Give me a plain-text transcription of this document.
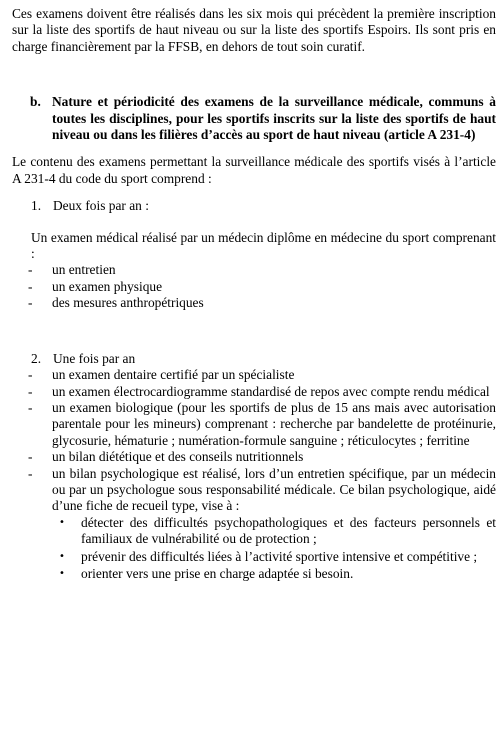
Ces examens doivent être réalisés dans les six mois qui précèdent la première inscription sur la liste des sportifs de haut niveau ou sur la liste des sportifs Espoirs. Ils sont pris en charge financièrement par la FFSB, en dehors de tout soin curatif.

b. Nature et périodicité des examens de la surveillance médicale, communs à toutes les disciplines, pour les sportifs inscrits sur la liste des sportifs de haut niveau ou dans les filières d’accès au sport de haut niveau (article A 231-4)

Le contenu des examens permettant la surveillance médicale des sportifs visés à l’article A 231-4 du code du sport comprend :

1. Deux fois par an :

Un examen médical réalisé par un médecin diplôme en médecine du sport comprenant :

-	un entretien
-	un examen physique
-	des mesures anthropétriques
2. Une fois par an
-	un examen dentaire certifié par un spécialiste
-	un examen électrocardiogramme standardisé de repos avec compte rendu médical
-	un examen biologique (pour les sportifs de plus de 15 ans mais avec autorisation parentale pour les mineurs) comprenant : recherche par bandelette de protéinurie, glycosurie, hématurie ; numération-formule sanguine ; réticulocytes ; ferritine
-	un bilan diététique et des conseils nutritionnels
-	un bilan psychologique est réalisé, lors d’un entretien spécifique, par un médecin ou par un psychologue sous responsabilité médicale. Ce bilan psychologique, aidé d’une fiche de recueil type, vise à :
•	détecter des difficultés psychopathologiques et des facteurs personnels et familiaux de vulnérabilité ou de protection ;
•	prévenir des difficultés liées à l’activité sportive intensive et compétitive ;
•	orienter vers une prise en charge adaptée si besoin.
